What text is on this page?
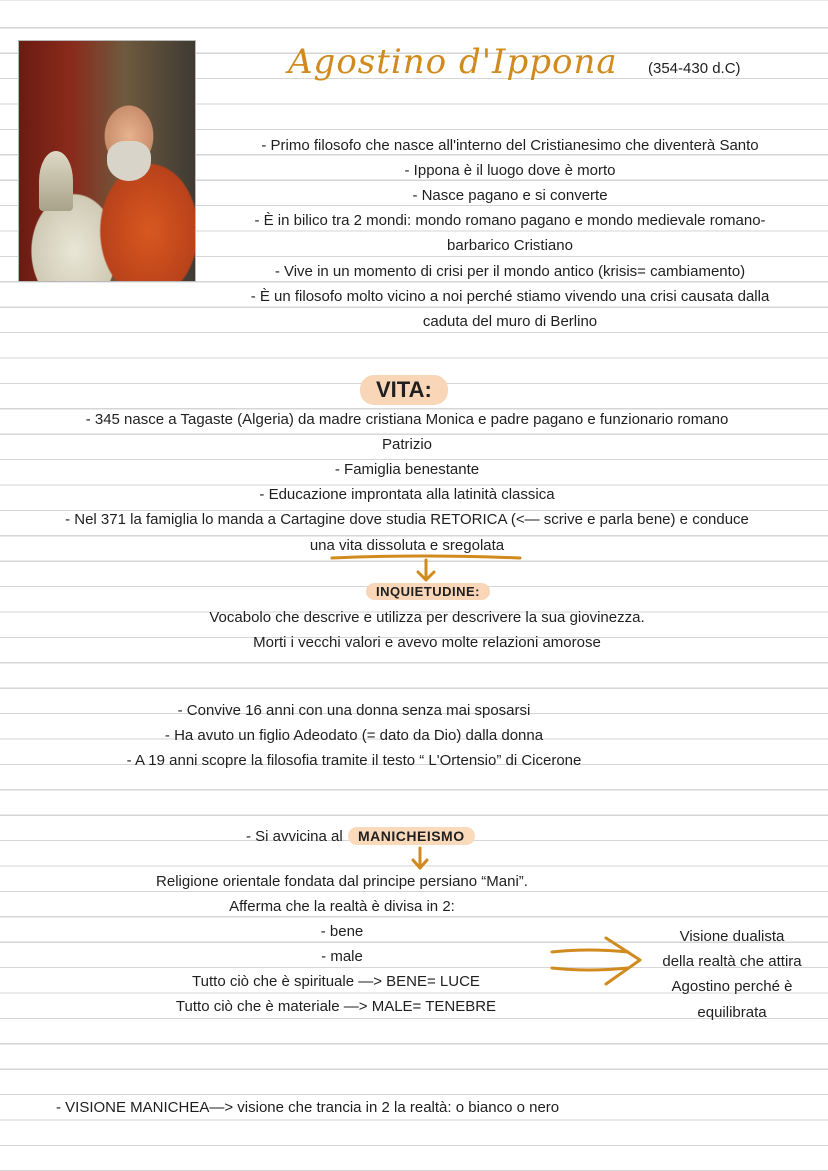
Agostino d'Ippona (354-430 d.C)
- Primo filosofo che nasce all'interno del Cristianesimo che diventerà Santo
- Ippona è il luogo dove è morto
- Nasce pagano e si converte
- È in bilico tra 2 mondi: mondo romano pagano e mondo medievale romano-
barbarico Cristiano
- Vive in un momento di crisi per il mondo antico (krisis= cambiamento)
- È un filosofo molto vicino a noi perché stiamo vivendo una crisi causata dalla
caduta del muro di Berlino
VITA:
- 345 nasce a Tagaste (Algeria) da madre cristiana Monica e padre pagano e funzionario romano
Patrizio
- Famiglia benestante
- Educazione improntata alla latinità classica
- Nel 371 la famiglia lo manda a Cartagine dove studia RETORICA (<— scrive e parla bene) e conduce
una vita dissoluta e sregolata
INQUIETUDINE:
Vocabolo che descrive e utilizza per descrivere la sua giovinezza.
Morti i vecchi valori e avevo molte relazioni amorose
- Convive 16 anni con una donna senza mai sposarsi
- Ha avuto un figlio Adeodato (= dato da Dio) dalla donna
- A 19 anni scopre la filosofia tramite il testo “ L'Ortensio” di Cicerone
- Si avvicina al	MANICHEISMO
Religione orientale fondata dal principe persiano “Mani”.
Afferma che la realtà è divisa in 2:
- bene
- male
Tutto ciò che è spirituale —> BENE= LUCE
Tutto ciò che è materiale —> MALE= TENEBRE
Visione dualista
della realtà che attira
Agostino perché è
equilibrata
- VISIONE MANICHEA—> visione che trancia in 2 la realtà: o bianco o nero
